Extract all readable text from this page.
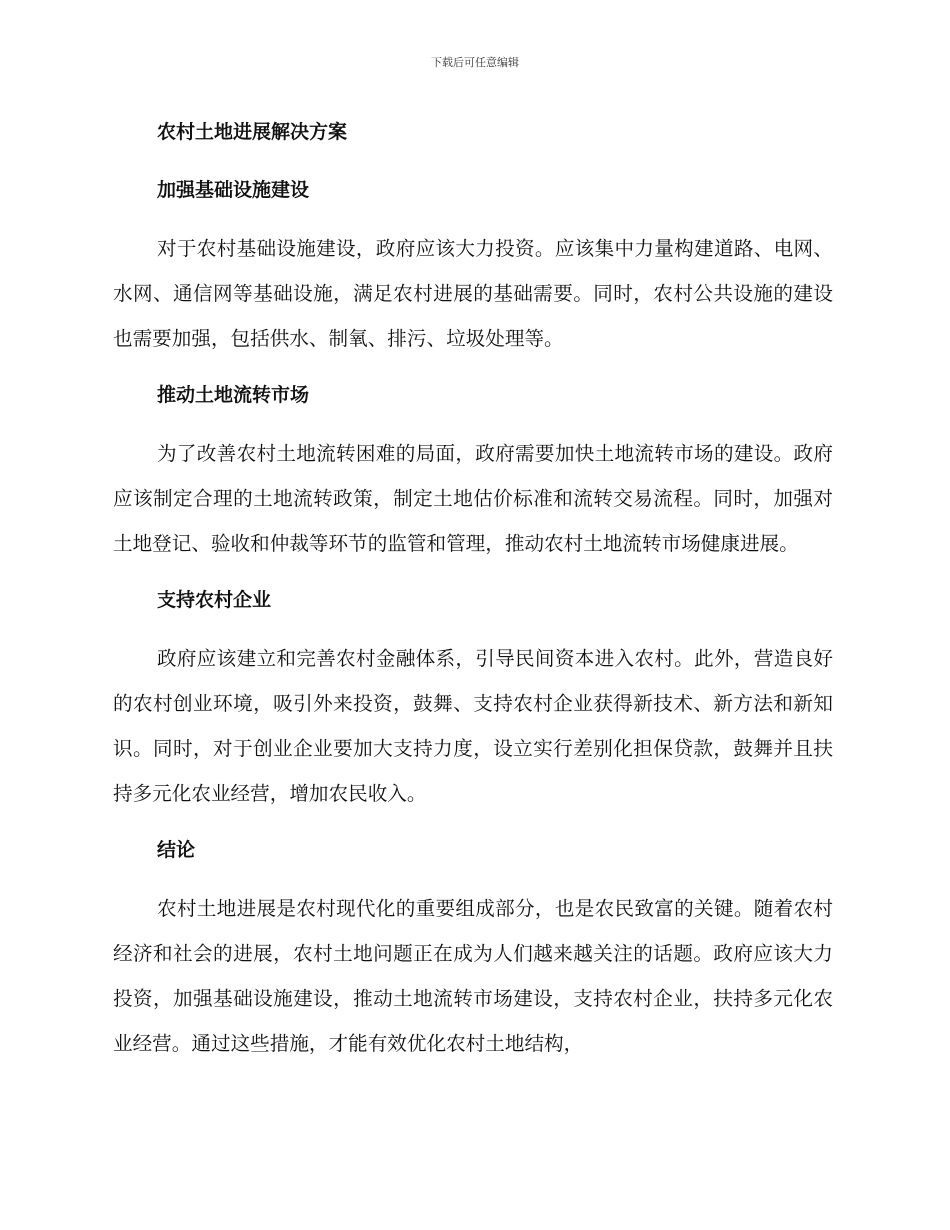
下载后可任意编辑
农村土地进展解决方案
加强基础设施建设

对于农村基础设施建设，政府应该大力投资。应该集中力量构建道路、电网、水网、通信网等基础设施，满足农村进展的基础需要。同时，农村公共设施的建设也需要加强，包括供水、制氧、排污、垃圾处理等。

推动土地流转市场

为了改善农村土地流转困难的局面，政府需要加快土地流转市场的建设。政府应该制定合理的土地流转政策，制定土地估价标准和流转交易流程。同时，加强对土地登记、验收和仲裁等环节的监管和管理，推动农村土地流转市场健康进展。

支持农村企业

政府应该建立和完善农村金融体系，引导民间资本进入农村。此外，营造良好的农村创业环境，吸引外来投资，鼓舞、支持农村企业获得新技术、新方法和新知识。同时，对于创业企业要加大支持力度，设立实行差别化担保贷款，鼓舞并且扶持多元化农业经营，增加农民收入。

结论

农村土地进展是农村现代化的重要组成部分，也是农民致富的关键。随着农村经济和社会的进展，农村土地问题正在成为人们越来越关注的话题。政府应该大力投资，加强基础设施建设，推动土地流转市场建设，支持农村企业，扶持多元化农业经营。通过这些措施，才能有效优化农村土地结构，
